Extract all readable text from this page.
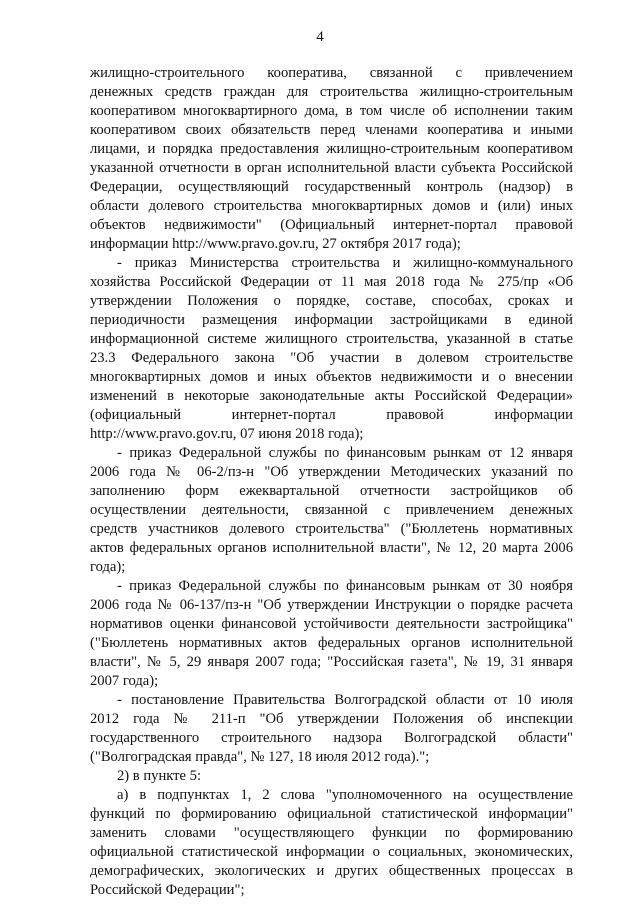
4
жилищно-строительного кооператива, связанной с привлечением
денежных средств граждан для строительства жилищно-строительным
кооперативом многоквартирного дома, в том числе об исполнении таким
кооперативом своих обязательств перед членами кооператива и иными
лицами, и порядка предоставления жилищно-строительным кооперативом
указанной отчетности в орган исполнительной власти субъекта Российской
Федерации, осуществляющий государственный контроль (надзор) в
области долевого строительства многоквартирных домов и (или) иных
объектов недвижимости" (Официальный интернет-портал правовой
информации http://www.pravo.gov.ru, 27 октября 2017 года);
- приказ Министерства строительства и жилищно-коммунального
хозяйства Российской Федерации от 11 мая 2018 года № 275/пр «Об
утверждении Положения о порядке, составе, способах, сроках и
периодичности размещения информации застройщиками в единой
информационной системе жилищного строительства, указанной в статье
23.3 Федерального закона "Об участии в долевом строительстве
многоквартирных домов и иных объектов недвижимости и о внесении
изменений в некоторые законодательные акты Российской Федерации»
(официальный интернет-портал правовой информации
http://www.pravo.gov.ru, 07 июня 2018 года);
- приказ Федеральной службы по финансовым рынкам от 12 января
2006 года № 06-2/пз-н "Об утверждении Методических указаний по
заполнению форм ежеквартальной отчетности застройщиков об
осуществлении деятельности, связанной с привлечением денежных
средств участников долевого строительства" ("Бюллетень нормативных
актов федеральных органов исполнительной власти", № 12, 20 марта 2006
года);
- приказ Федеральной службы по финансовым рынкам от 30 ноября
2006 года № 06-137/пз-н "Об утверждении Инструкции о порядке расчета
нормативов оценки финансовой устойчивости деятельности застройщика"
("Бюллетень нормативных актов федеральных органов исполнительной
власти", № 5, 29 января 2007 года; "Российская газета", № 19, 31 января
2007 года);
- постановление Правительства Волгоградской области от 10 июля
2012 года № 211-п "Об утверждении Положения об инспекции
государственного строительного надзора Волгоградской области"
("Волгоградская правда", № 127, 18 июля 2012 года).";
2) в пункте 5:
а) в подпунктах 1, 2 слова "уполномоченного на осуществление
функций по формированию официальной статистической информации"
заменить словами "осуществляющего функции по формированию
официальной статистической информации о социальных, экономических,
демографических, экологических и других общественных процессах в
Российской Федерации";
